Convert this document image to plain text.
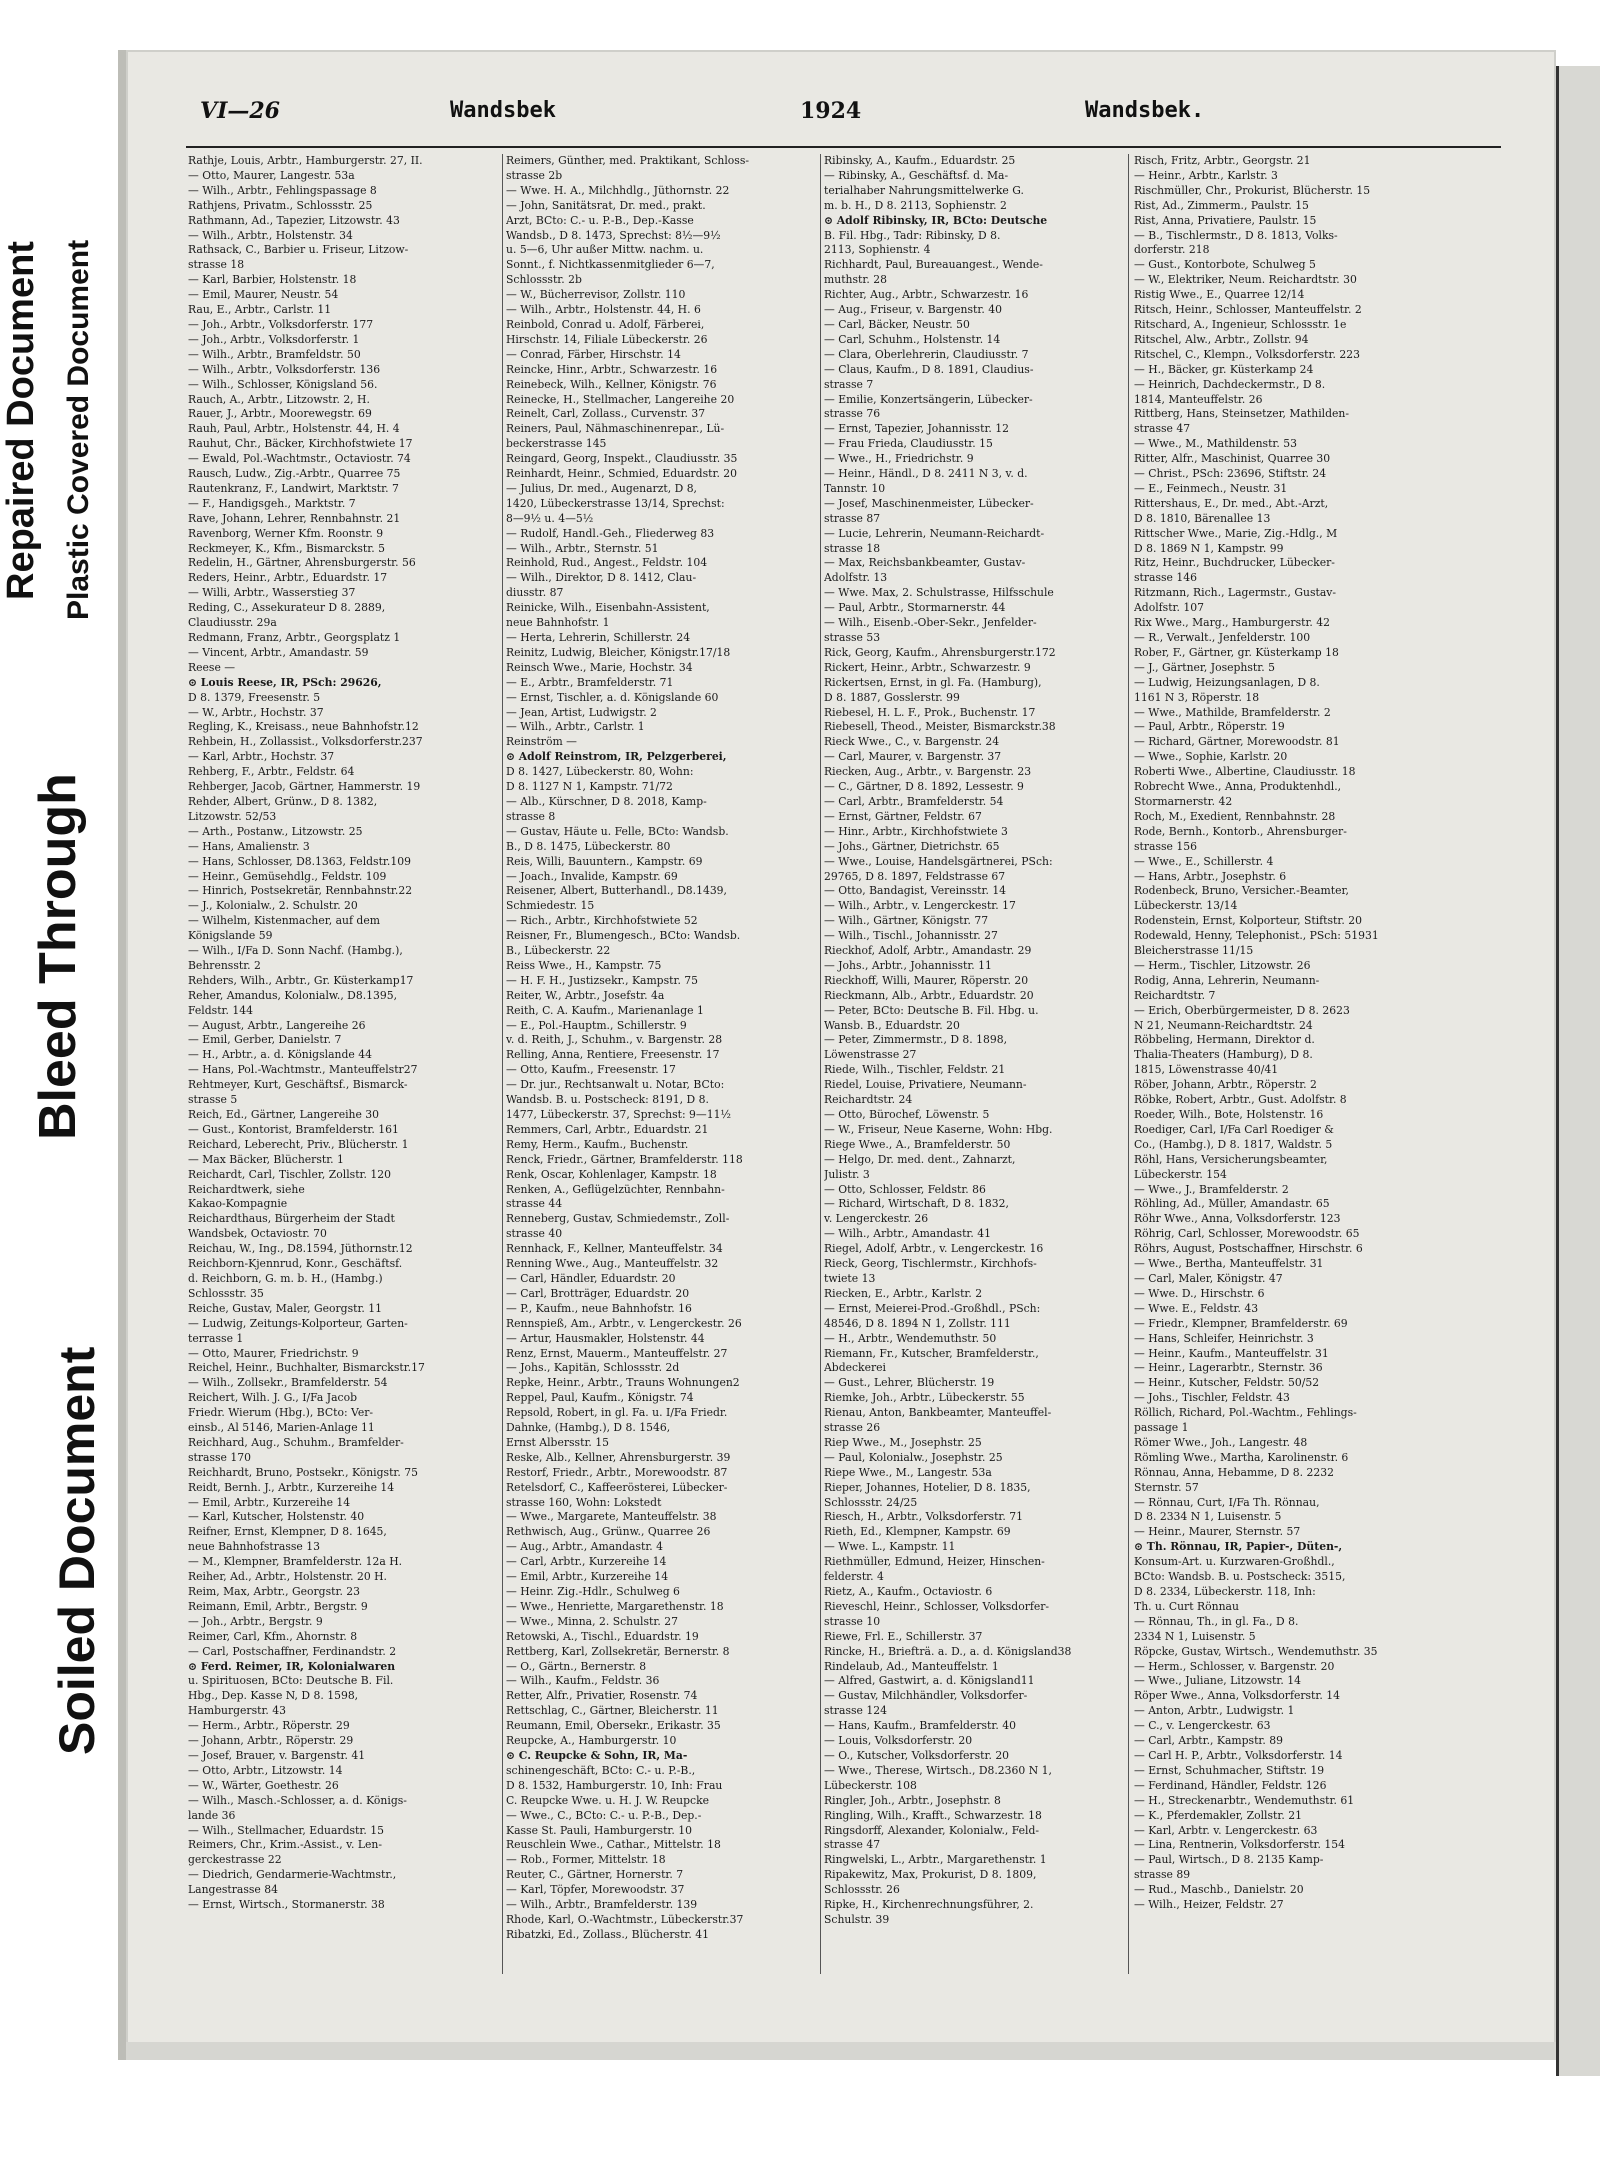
Repaired Document Plastic Covered Document
Bleed Through
Soiled Document
VI—26	Wandsbek	1924	Wandsbek.
Rathje, Louis, Arbtr., Hamburgerstr. 27, II.
— Otto, Maurer, Langestr. 53a
— Wilh., Arbtr., Fehlingspassage 8
Rathjens, Privatm., Schlossstr. 25
Rathmann, Ad., Tapezier, Litzowstr. 43
— Wilh., Arbtr., Holstenstr. 34
Rathsack, C., Barbier u. Friseur, Litzow-
strasse 18
— Karl, Barbier, Holstenstr. 18
— Emil, Maurer, Neustr. 54
Rau, E., Arbtr., Carlstr. 11
— Joh., Arbtr., Volksdorferstr. 177
— Joh., Arbtr., Volksdorferstr. 1
— Wilh., Arbtr., Bramfeldstr. 50
— Wilh., Arbtr., Volksdorferstr. 136
— Wilh., Schlosser, Königsland 56.
Rauch, A., Arbtr., Litzowstr. 2, H.
Rauer, J., Arbtr., Moorewegstr. 69
Rauh, Paul, Arbtr., Holstenstr. 44, H. 4
Rauhut, Chr., Bäcker, Kirchhofstwiete 17
— Ewald, Pol.-Wachtmstr., Octaviostr. 74
Rausch, Ludw., Zig.-Arbtr., Quarree 75
Rautenkranz, F., Landwirt, Marktstr. 7
— F., Handigsgeh., Marktstr. 7
Rave, Johann, Lehrer, Rennbahnstr. 21
Ravenborg, Werner Kfm. Roonstr. 9
Reckmeyer, K., Kfm., Bismarckstr. 5
Redelin, H., Gärtner, Ahrensburgerstr. 56
Reders, Heinr., Arbtr., Eduardstr. 17
— Willi, Arbtr., Wasserstieg 37
Reding, C., Assekurateur D 8. 2889,
Claudiusstr. 29a
Redmann, Franz, Arbtr., Georgsplatz 1
— Vincent, Arbtr., Amandastr. 59
Reese —
⊙ Louis Reese, IR, PSch: 29626,
D 8. 1379, Freesenstr. 5
— W., Arbtr., Hochstr. 37
Regling, K., Kreisass., neue Bahnhofstr.12
Rehbein, H., Zollassist., Volksdorferstr.237
— Karl, Arbtr., Hochstr. 37
Rehberg, F., Arbtr., Feldstr. 64
Rehberger, Jacob, Gärtner, Hammerstr. 19
Rehder, Albert, Grünw., D 8. 1382,
Litzowstr. 52/53
— Arth., Postanw., Litzowstr. 25
— Hans, Amalienstr. 3
— Hans, Schlosser, D8.1363, Feldstr.109
— Heinr., Gemüsehdlg., Feldstr. 109
— Hinrich, Postsekretär, Rennbahnstr.22
— J., Kolonialw., 2. Schulstr. 20
— Wilhelm, Kistenmacher, auf dem
Königslande 59
— Wilh., I/Fa D. Sonn Nachf. (Hambg.),
Behrensstr. 2
Rehders, Wilh., Arbtr., Gr. Küsterkamp17
Reher, Amandus, Kolonialw., D8.1395,
Feldstr. 144
— August, Arbtr., Langereihe 26
— Emil, Gerber, Danielstr. 7
— H., Arbtr., a. d. Königslande 44
— Hans, Pol.-Wachtmstr., Manteuffelstr27
Rehtmeyer, Kurt, Geschäftsf., Bismarck-
strasse 5
Reich, Ed., Gärtner, Langereihe 30
— Gust., Kontorist, Bramfelderstr. 161
Reichard, Leberecht, Priv., Blücherstr. 1
— Max Bäcker, Blücherstr. 1
Reichardt, Carl, Tischler, Zollstr. 120
Reichardtwerk, siehe
Kakao-Kompagnie
Reichardthaus, Bürgerheim der Stadt
Wandsbek, Octaviostr. 70
Reichau, W., Ing., D8.1594, Jüthornstr.12
Reichborn-Kjennrud, Konr., Geschäftsf.
d. Reichborn, G. m. b. H., (Hambg.)
Schlossstr. 35
Reiche, Gustav, Maler, Georgstr. 11
— Ludwig, Zeitungs-Kolporteur, Garten-
terrasse 1
— Otto, Maurer, Friedrichstr. 9
Reichel, Heinr., Buchhalter, Bismarckstr.17
— Wilh., Zollsekr., Bramfelderstr. 54
Reichert, Wilh. J. G., I/Fa Jacob
Friedr. Wierum (Hbg.), BCto: Ver-
einsb., Al 5146, Marien-Anlage 11
Reichhard, Aug., Schuhm., Bramfelder-
strasse 170
Reichhardt, Bruno, Postsekr., Königstr. 75
Reidt, Bernh. J., Arbtr., Kurzereihe 14
— Emil, Arbtr., Kurzereihe 14
— Karl, Kutscher, Holstenstr. 40
Reifner, Ernst, Klempner, D 8. 1645,
neue Bahnhofstrasse 13
— M., Klempner, Bramfelderstr. 12a H.
Reiher, Ad., Arbtr., Holstenstr. 20 H.
Reim, Max, Arbtr., Georgstr. 23
Reimann, Emil, Arbtr., Bergstr. 9
— Joh., Arbtr., Bergstr. 9
Reimer, Carl, Kfm., Ahornstr. 8
— Carl, Postschaffner, Ferdinandstr. 2
⊙ Ferd. Reimer, IR, Kolonialwaren
u. Spirituosen, BCto: Deutsche B. Fil.
Hbg., Dep. Kasse N, D 8. 1598,
Hamburgerstr. 43
— Herm., Arbtr., Röperstr. 29
— Johann, Arbtr., Röperstr. 29
— Josef, Brauer, v. Bargenstr. 41
— Otto, Arbtr., Litzowstr. 14
— W., Wärter, Goethestr. 26
— Wilh., Masch.-Schlosser, a. d. Königs-
lande 36
— Wilh., Stellmacher, Eduardstr. 15
Reimers, Chr., Krim.-Assist., v. Len-
gerckestrasse 22
— Diedrich, Gendarmerie-Wachtmstr.,
Langestrasse 84
— Ernst, Wirtsch., Stormanerstr. 38
Reimers, Günther, med. Praktikant, Schloss-
strasse 2b
— Wwe. H. A., Milchhdlg., Jüthornstr. 22
— John, Sanitätsrat, Dr. med., prakt.
Arzt, BCto: C.- u. P.-B., Dep.-Kasse
Wandsb., D 8. 1473, Sprechst: 8½—9½
u. 5—6, Uhr außer Mittw. nachm. u.
Sonnt., f. Nichtkassenmitglieder 6—7,
Schlossstr. 2b
— W., Bücherrevisor, Zollstr. 110
— Wilh., Arbtr., Holstenstr. 44, H. 6
Reinbold, Conrad u. Adolf, Färberei,
Hirschstr. 14, Filiale Lübeckerstr. 26
— Conrad, Färber, Hirschstr. 14
Reincke, Hinr., Arbtr., Schwarzestr. 16
Reinebeck, Wilh., Kellner, Königstr. 76
Reinecke, H., Stellmacher, Langereihe 20
Reinelt, Carl, Zollass., Curvenstr. 37
Reiners, Paul, Nähmaschinenrepar., Lü-
beckerstrasse 145
Reingard, Georg, Inspekt., Claudiusstr. 35
Reinhardt, Heinr., Schmied, Eduardstr. 20
— Julius, Dr. med., Augenarzt, D 8,
1420, Lübeckerstrasse 13/14, Sprechst:
8—9½ u. 4—5½
— Rudolf, Handl.-Geh., Fliederweg 83
— Wilh., Arbtr., Sternstr. 51
Reinhold, Rud., Angest., Feldstr. 104
— Wilh., Direktor, D 8. 1412, Clau-
diusstr. 87
Reinicke, Wilh., Eisenbahn-Assistent,
neue Bahnhofstr. 1
— Herta, Lehrerin, Schillerstr. 24
Reinitz, Ludwig, Bleicher, Königstr.17/18
Reinsch Wwe., Marie, Hochstr. 34
— E., Arbtr., Bramfelderstr. 71
— Ernst, Tischler, a. d. Königslande 60
— Jean, Artist, Ludwigstr. 2
— Wilh., Arbtr., Carlstr. 1
Reinström —
⊙ Adolf Reinstrom, IR, Pelzgerberei,
D 8. 1427, Lübeckerstr. 80, Wohn:
D 8. 1127 N 1, Kampstr. 71/72
— Alb., Kürschner, D 8. 2018, Kamp-
strasse 8
— Gustav, Häute u. Felle, BCto: Wandsb.
B., D 8. 1475, Lübeckerstr. 80
Reis, Willi, Bauuntern., Kampstr. 69
— Joach., Invalide, Kampstr. 69
Reisener, Albert, Butterhandl., D8.1439,
Schmiedestr. 15
— Rich., Arbtr., Kirchhofstwiete 52
Reisner, Fr., Blumengesch., BCto: Wandsb.
B., Lübeckerstr. 22
Reiss Wwe., H., Kampstr. 75
— H. F. H., Justizsekr., Kampstr. 75
Reiter, W., Arbtr., Josefstr. 4a
Reith, C. A. Kaufm., Marienanlage 1
— E., Pol.-Hauptm., Schillerstr. 9
v. d. Reith, J., Schuhm., v. Bargenstr. 28
Relling, Anna, Rentiere, Freesenstr. 17
— Otto, Kaufm., Freesenstr. 17
— Dr. jur., Rechtsanwalt u. Notar, BCto:
Wandsb. B. u. Postscheck: 8191, D 8.
1477, Lübeckerstr. 37, Sprechst: 9—11½
Remmers, Carl, Arbtr., Eduardstr. 21
Remy, Herm., Kaufm., Buchenstr.
Renck, Friedr., Gärtner, Bramfelderstr. 118
Renk, Oscar, Kohlenlager, Kampstr. 18
Renken, A., Geflügelzüchter, Rennbahn-
strasse 44
Renneberg, Gustav, Schmiedemstr., Zoll-
strasse 40
Rennhack, F., Kellner, Manteuffelstr. 34
Renning Wwe., Aug., Manteuffelstr. 32
— Carl, Händler, Eduardstr. 20
— Carl, Brotträger, Eduardstr. 20
— P., Kaufm., neue Bahnhofstr. 16
Rennspieß, Am., Arbtr., v. Lengerckestr. 26
— Artur, Hausmakler, Holstenstr. 44
Renz, Ernst, Mauerm., Manteuffelstr. 27
— Johs., Kapitän, Schlossstr. 2d
Repke, Heinr., Arbtr., Trauns Wohnungen2
Reppel, Paul, Kaufm., Königstr. 74
Repsold, Robert, in gl. Fa. u. I/Fa Friedr.
Dahnke, (Hambg.), D 8. 1546,
Ernst Albersstr. 15
Reske, Alb., Kellner, Ahrensburgerstr. 39
Restorf, Friedr., Arbtr., Morewoodstr. 87
Retelsdorf, C., Kaffeerösterei, Lübecker-
strasse 160, Wohn: Lokstedt
— Wwe., Margarete, Manteuffelstr. 38
Rethwisch, Aug., Grünw., Quarree 26
— Aug., Arbtr., Amandastr. 4
— Carl, Arbtr., Kurzereihe 14
— Emil, Arbtr., Kurzereihe 14
— Heinr. Zig.-Hdlr., Schulweg 6
— Wwe., Henriette, Margarethenstr. 18
— Wwe., Minna, 2. Schulstr. 27
Retowski, A., Tischl., Eduardstr. 19
Rettberg, Karl, Zollsekretär, Bernerstr. 8
— O., Gärtn., Bernerstr. 8
— Wilh., Kaufm., Feldstr. 36
Retter, Alfr., Privatier, Rosenstr. 74
Rettschlag, C., Gärtner, Bleicherstr. 11
Reumann, Emil, Obersekr., Erikastr. 35
Reupcke, A., Hamburgerstr. 10
⊙ C. Reupcke & Sohn, IR, Ma-
schinengeschäft, BCto: C.- u. P.-B.,
D 8. 1532, Hamburgerstr. 10, Inh: Frau
C. Reupcke Wwe. u. H. J. W. Reupcke
— Wwe., C., BCto: C.- u. P.-B., Dep.-
Kasse St. Pauli, Hamburgerstr. 10
Reuschlein Wwe., Cathar., Mittelstr. 18
— Rob., Former, Mittelstr. 18
Reuter, C., Gärtner, Hornerstr. 7
— Karl, Töpfer, Morewoodstr. 37
— Wilh., Arbtr., Bramfelderstr. 139
Rhode, Karl, O.-Wachtmstr., Lübeckerstr.37
Ribatzki, Ed., Zollass., Blücherstr. 41
Ribinsky, A., Kaufm., Eduardstr. 25
— Ribinsky, A., Geschäftsf. d. Ma-
terialhaber Nahrungsmittelwerke G.
m. b. H., D 8. 2113, Sophienstr. 2
⊙ Adolf Ribinsky, IR, BCto: Deutsche
B. Fil. Hbg., Tadr: Ribinsky, D 8.
2113, Sophienstr. 4
Richhardt, Paul, Bureauangest., Wende-
muthstr. 28
Richter, Aug., Arbtr., Schwarzestr. 16
— Aug., Friseur, v. Bargenstr. 40
— Carl, Bäcker, Neustr. 50
— Carl, Schuhm., Holstenstr. 14
— Clara, Oberlehrerin, Claudiusstr. 7
— Claus, Kaufm., D 8. 1891, Claudius-
strasse 7
— Emilie, Konzertsängerin, Lübecker-
strasse 76
— Ernst, Tapezier, Johannisstr. 12
— Frau Frieda, Claudiusstr. 15
— Wwe., H., Friedrichstr. 9
— Heinr., Händl., D 8. 2411 N 3, v. d.
Tannstr. 10
— Josef, Maschinenmeister, Lübecker-
strasse 87
— Lucie, Lehrerin, Neumann-Reichardt-
strasse 18
— Max, Reichsbankbeamter, Gustav-
Adolfstr. 13
— Wwe. Max, 2. Schulstrasse, Hilfsschule
— Paul, Arbtr., Stormarnerstr. 44
— Wilh., Eisenb.-Ober-Sekr., Jenfelder-
strasse 53
Rick, Georg, Kaufm., Ahrensburgerstr.172
Rickert, Heinr., Arbtr., Schwarzestr. 9
Rickertsen, Ernst, in gl. Fa. (Hamburg),
D 8. 1887, Gosslerstr. 99
Riebesel, H. L. F., Prok., Buchenstr. 17
Riebesell, Theod., Meister, Bismarckstr.38
Rieck Wwe., C., v. Bargenstr. 24
— Carl, Maurer, v. Bargenstr. 37
Riecken, Aug., Arbtr., v. Bargenstr. 23
— C., Gärtner, D 8. 1892, Lessestr. 9
— Carl, Arbtr., Bramfelderstr. 54
— Ernst, Gärtner, Feldstr. 67
— Hinr., Arbtr., Kirchhofstwiete 3
— Johs., Gärtner, Dietrichstr. 65
— Wwe., Louise, Handelsgärtnerei, PSch:
29765, D 8. 1897, Feldstrasse 67
— Otto, Bandagist, Vereinsstr. 14
— Wilh., Arbtr., v. Lengerckestr. 17
— Wilh., Gärtner, Königstr. 77
— Wilh., Tischl., Johannisstr. 27
Rieckhof, Adolf, Arbtr., Amandastr. 29
— Johs., Arbtr., Johannisstr. 11
Rieckhoff, Willi, Maurer, Röperstr. 20
Rieckmann, Alb., Arbtr., Eduardstr. 20
— Peter, BCto: Deutsche B. Fil. Hbg. u.
Wansb. B., Eduardstr. 20
— Peter, Zimmermstr., D 8. 1898,
Löwenstrasse 27
Riede, Wilh., Tischler, Feldstr. 21
Riedel, Louise, Privatiere, Neumann-
Reichardtstr. 24
— Otto, Bürochef, Löwenstr. 5
— W., Friseur, Neue Kaserne, Wohn: Hbg.
Riege Wwe., A., Bramfelderstr. 50
— Helgo, Dr. med. dent., Zahnarzt,
Julistr. 3
— Otto, Schlosser, Feldstr. 86
— Richard, Wirtschaft, D 8. 1832,
v. Lengerckestr. 26
— Wilh., Arbtr., Amandastr. 41
Riegel, Adolf, Arbtr., v. Lengerckestr. 16
Rieck, Georg, Tischlermstr., Kirchhofs-
twiete 13
Riecken, E., Arbtr., Karlstr. 2
— Ernst, Meierei-Prod.-Großhdl., PSch:
48546, D 8. 1894 N 1, Zollstr. 111
— H., Arbtr., Wendemuthstr. 50
Riemann, Fr., Kutscher, Bramfelderstr.,
Abdeckerei
— Gust., Lehrer, Blücherstr. 19
Riemke, Joh., Arbtr., Lübeckerstr. 55
Rienau, Anton, Bankbeamter, Manteuffel-
strasse 26
Riep Wwe., M., Josephstr. 25
— Paul, Kolonialw., Josephstr. 25
Riepe Wwe., M., Langestr. 53a
Rieper, Johannes, Hotelier, D 8. 1835,
Schlossstr. 24/25
Riesch, H., Arbtr., Volksdorferstr. 71
Rieth, Ed., Klempner, Kampstr. 69
— Wwe. L., Kampstr. 11
Riethmüller, Edmund, Heizer, Hinschen-
felderstr. 4
Rietz, A., Kaufm., Octaviostr. 6
Rieveschl, Heinr., Schlosser, Volksdorfer-
strasse 10
Riewe, Frl. E., Schillerstr. 37
Rincke, H., Briefträ. a. D., a. d. Königsland38
Rindelaub, Ad., Manteuffelstr. 1
— Alfred, Gastwirt, a. d. Königsland11
— Gustav, Milchhändler, Volksdorfer-
strasse 124
— Hans, Kaufm., Bramfelderstr. 40
— Louis, Volksdorferstr. 20
— O., Kutscher, Volksdorferstr. 20
— Wwe., Therese, Wirtsch., D8.2360 N 1,
Lübeckerstr. 108
Ringler, Joh., Arbtr., Josephstr. 8
Ringling, Wilh., Krafft., Schwarzestr. 18
Ringsdorff, Alexander, Kolonialw., Feld-
strasse 47
Ringwelski, L., Arbtr., Margarethenstr. 1
Ripakewitz, Max, Prokurist, D 8. 1809,
Schlossstr. 26
Ripke, H., Kirchenrechnungsführer, 2.
Schulstr. 39
Risch, Fritz, Arbtr., Georgstr. 21
— Heinr., Arbtr., Karlstr. 3
Rischmüller, Chr., Prokurist, Blücherstr. 15
Rist, Ad., Zimmerm., Paulstr. 15
Rist, Anna, Privatiere, Paulstr. 15
— B., Tischlermstr., D 8. 1813, Volks-
dorferstr. 218
— Gust., Kontorbote, Schulweg 5
— W., Elektriker, Neum. Reichardtstr. 30
Ristig Wwe., E., Quarree 12/14
Ritsch, Heinr., Schlosser, Manteuffelstr. 2
Ritschard, A., Ingenieur, Schlossstr. 1e
Ritschel, Alw., Arbtr., Zollstr. 94
Ritschel, C., Klempn., Volksdorferstr. 223
— H., Bäcker, gr. Küsterkamp 24
— Heinrich, Dachdeckermstr., D 8.
1814, Manteuffelstr. 26
Rittberg, Hans, Steinsetzer, Mathilden-
strasse 47
— Wwe., M., Mathildenstr. 53
Ritter, Alfr., Maschinist, Quarree 30
— Christ., PSch: 23696, Stiftstr. 24
— E., Feinmech., Neustr. 31
Rittershaus, E., Dr. med., Abt.-Arzt,
D 8. 1810, Bärenallee 13
Rittscher Wwe., Marie, Zig.-Hdlg., M
D 8. 1869 N 1, Kampstr. 99
Ritz, Heinr., Buchdrucker, Lübecker-
strasse 146
Ritzmann, Rich., Lagermstr., Gustav-
Adolfstr. 107
Rix Wwe., Marg., Hamburgerstr. 42
— R., Verwalt., Jenfelderstr. 100
Rober, F., Gärtner, gr. Küsterkamp 18
— J., Gärtner, Josephstr. 5
— Ludwig, Heizungsanlagen, D 8.
1161 N 3, Röperstr. 18
— Wwe., Mathilde, Bramfelderstr. 2
— Paul, Arbtr., Röperstr. 19
— Richard, Gärtner, Morewoodstr. 81
— Wwe., Sophie, Karlstr. 20
Roberti Wwe., Albertine, Claudiusstr. 18
Robrecht Wwe., Anna, Produktenhdl.,
Stormarnerstr. 42
Roch, M., Exedient, Rennbahnstr. 28
Rode, Bernh., Kontorb., Ahrensburger-
strasse 156
— Wwe., E., Schillerstr. 4
— Hans, Arbtr., Josephstr. 6
Rodenbeck, Bruno, Versicher.-Beamter,
Lübeckerstr. 13/14
Rodenstein, Ernst, Kolporteur, Stiftstr. 20
Rodewald, Henny, Telephonist., PSch: 51931
Bleicherstrasse 11/15
— Herm., Tischler, Litzowstr. 26
Rodig, Anna, Lehrerin, Neumann-
Reichardtstr. 7
— Erich, Oberbürgermeister, D 8. 2623
N 21, Neumann-Reichardtstr. 24
Röbbeling, Hermann, Direktor d.
Thalia-Theaters (Hamburg), D 8.
1815, Löwenstrasse 40/41
Röber, Johann, Arbtr., Röperstr. 2
Röbke, Robert, Arbtr., Gust. Adolfstr. 8
Roeder, Wilh., Bote, Holstenstr. 16
Roediger, Carl, I/Fa Carl Roediger &
Co., (Hambg.), D 8. 1817, Waldstr. 5
Röhl, Hans, Versicherungsbeamter,
Lübeckerstr. 154
— Wwe., J., Bramfelderstr. 2
Röhling, Ad., Müller, Amandastr. 65
Röhr Wwe., Anna, Volksdorferstr. 123
Röhrig, Carl, Schlosser, Morewoodstr. 65
Röhrs, August, Postschaffner, Hirschstr. 6
— Wwe., Bertha, Manteuffelstr. 31
— Carl, Maler, Königstr. 47
— Wwe. D., Hirschstr. 6
— Wwe. E., Feldstr. 43
— Friedr., Klempner, Bramfelderstr. 69
— Hans, Schleifer, Heinrichstr. 3
— Heinr., Kaufm., Manteuffelstr. 31
— Heinr., Lagerarbtr., Sternstr. 36
— Heinr., Kutscher, Feldstr. 50/52
— Johs., Tischler, Feldstr. 43
Röllich, Richard, Pol.-Wachtm., Fehlings-
passage 1
Römer Wwe., Joh., Langestr. 48
Römling Wwe., Martha, Karolinenstr. 6
Rönnau, Anna, Hebamme, D 8. 2232
Sternstr. 57
— Rönnau, Curt, I/Fa Th. Rönnau,
D 8. 2334 N 1, Luisenstr. 5
— Heinr., Maurer, Sternstr. 57
⊙ Th. Rönnau, IR, Papier-, Düten-,
Konsum-Art. u. Kurzwaren-Großhdl.,
BCto: Wandsb. B. u. Postscheck: 3515,
D 8. 2334, Lübeckerstr. 118, Inh:
Th. u. Curt Rönnau
— Rönnau, Th., in gl. Fa., D 8.
2334 N 1, Luisenstr. 5
Röpcke, Gustav, Wirtsch., Wendemuthstr. 35
— Herm., Schlosser, v. Bargenstr. 20
— Wwe., Juliane, Litzowstr. 14
Röper Wwe., Anna, Volksdorferstr. 14
— Anton, Arbtr., Ludwigstr. 1
— C., v. Lengerckestr. 63
— Carl, Arbtr., Kampstr. 89
— Carl H. P., Arbtr., Volksdorferstr. 14
— Ernst, Schuhmacher, Stiftstr. 19
— Ferdinand, Händler, Feldstr. 126
— H., Streckenarbtr., Wendemuthstr. 61
— K., Pferdemakler, Zollstr. 21
— Karl, Arbtr. v. Lengerckestr. 63
— Lina, Rentnerin, Volksdorferstr. 154
— Paul, Wirtsch., D 8. 2135 Kamp-
strasse 89
— Rud., Maschb., Danielstr. 20
— Wilh., Heizer, Feldstr. 27
